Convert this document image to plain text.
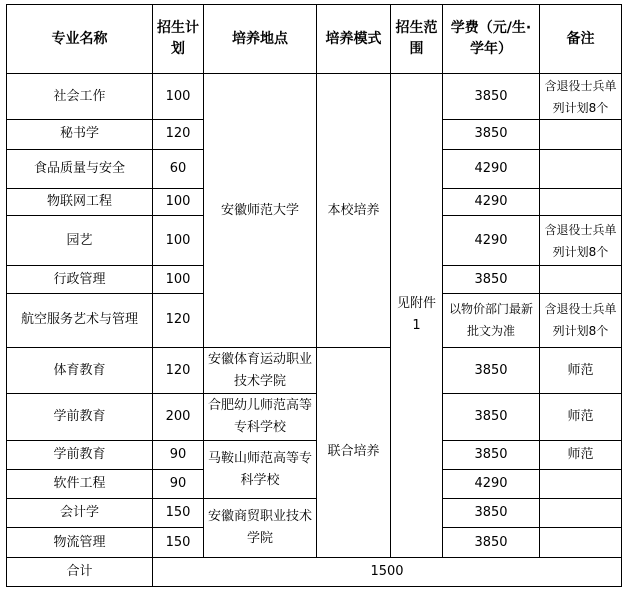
专业名称	招生计划	培养地点	培养模式	招生范围	学费（元/生·学年）	备注
社会工作	100	安徽师范大学	本校培养	见附件1	3850	含退役士兵单列计划8个
秘书学	120				3850	
食品质量与安全	60				4290	
物联网工程	100				4290	
园艺	100				4290	含退役士兵单列计划8个
行政管理	100				3850	
航空服务艺术与管理	120				以物价部门最新批文为准	含退役士兵单列计划8个
体育教育	120	安徽体育运动职业技术学院	联合培养		3850	师范
学前教育	200	合肥幼儿师范高等专科学校			3850	师范
学前教育	90	马鞍山师范高等专科学校			3850	师范
软件工程	90				4290	
会计学	150	安徽商贸职业技术学院			3850	
物流管理	150				3850	
合计	1500					
